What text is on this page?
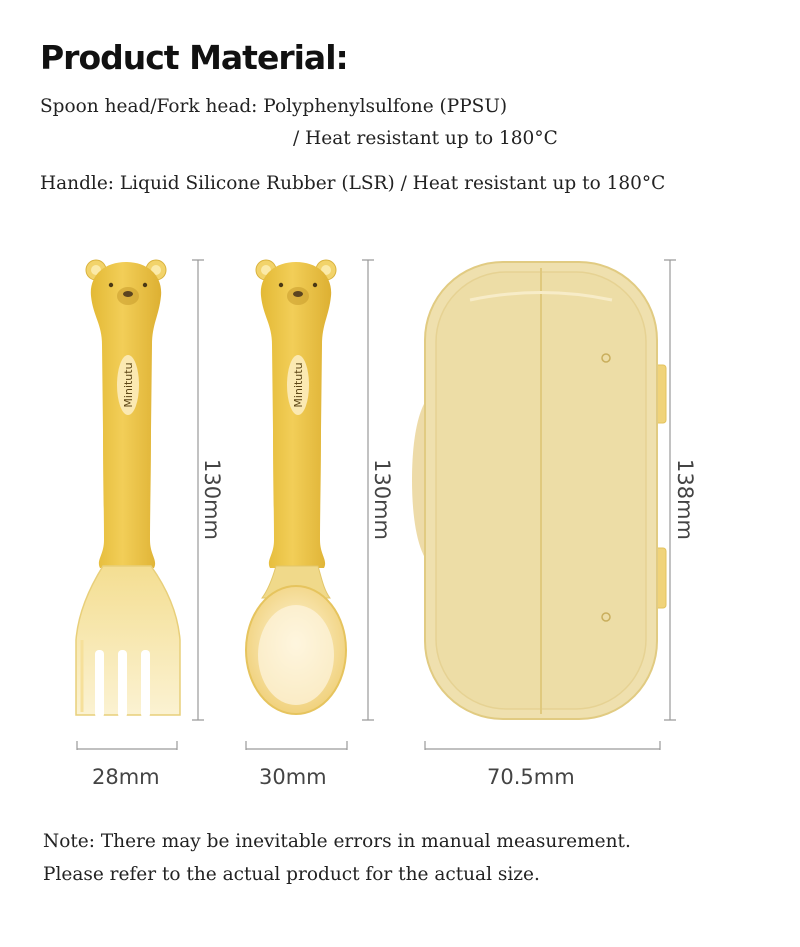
Product Material:
Spoon head/Fork head: Polyphenylsulfone (PPSU)
/ Heat resistant up to 180°C
Handle: Liquid Silicone Rubber (LSR) / Heat resistant up to 180°C
Minitutu	Minitutu
130mm	130mm	138mm
28mm	30mm	70.5mm
Note: There may be inevitable errors in manual measurement.
Please refer to the actual product for the actual size.
